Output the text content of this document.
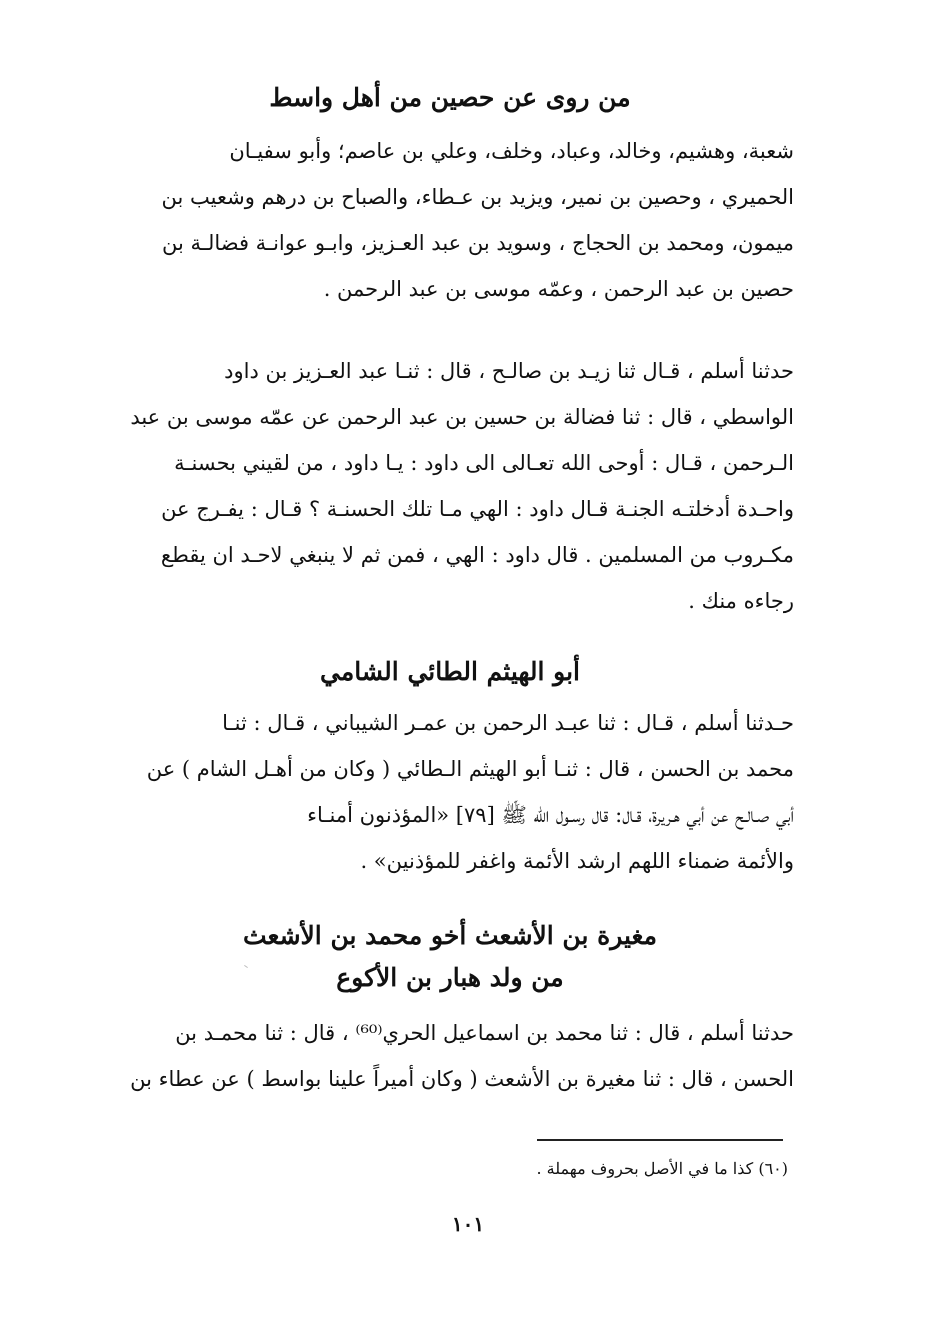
من روى عن حصين من أهل واسط

شعبة، وهشيم، وخالد، وعباد، وخلف، وعلي بن عاصم؛ وأبو سفيـان
الحميري ، وحصين بن نمير، ويزيد بن عـطاء، والصباح بن درهم وشعيب بن
ميمون، ومحمد بن الحجاج ، وسويد بن عبد العـزيز، وابـو عوانـة فضالـة بن
حصين بن عبد الرحمن ، وعمّه موسى بن عبد الرحمن .

حدثنا أسلم ، قـال ثنا زيـد بن صالـح ، قال : ثنـا عبد العـزيز بن داود
الواسطي ، قال : ثنا فضالة بن حسين بن عبد الرحمن عن عمّه موسى بن عبد
الـرحمن ، قـال : أوحى الله تعـالى الى داود : يـا داود ، من لقيني بحسنـة
واحـدة أدخلتـه الجنـة قـال داود : الهي مـا تلك الحسنـة ؟ قـال : يفـرج عن
مكـروب من المسلمين . قال داود : الهي ، فمن ثم لا ينبغي لاحـد ان يقطع
رجاءه منك .

أبو الهيثم الطائي الشامي

حـدثنا أسلم ، قـال : ثنا عبـد الرحمن بن عمـر الشيباني ، قـال : ثنـا
محمد بن الحسن ، قال : ثنـا أبو الهيثم الـطائي ( وكان من أهـل الشام ) عن
أبي صـالـح عن أبي هـريرة، قـال: قال رسـول الله ﷺ [٧٩] «المؤذنون أمنـاء
والأئمة ضمناء اللهم ارشد الأئمة واغفر للمؤذنين» .

مغيرة بن الأشعث أخو محمد بن الأشعث
من ولد هبار بن الأكوع

حدثنا أسلم ، قال : ثنا محمد بن اسماعيل الحري⁽⁶⁰⁾ ، قال : ثنا محمـد بن
الحسن ، قال : ثنا مغيرة بن الأشعث ( وكان أميراً علينا بواسط ) عن عطاء بن

(٦٠) كذا ما في الأصل بحروف مهملة .
١٠١
